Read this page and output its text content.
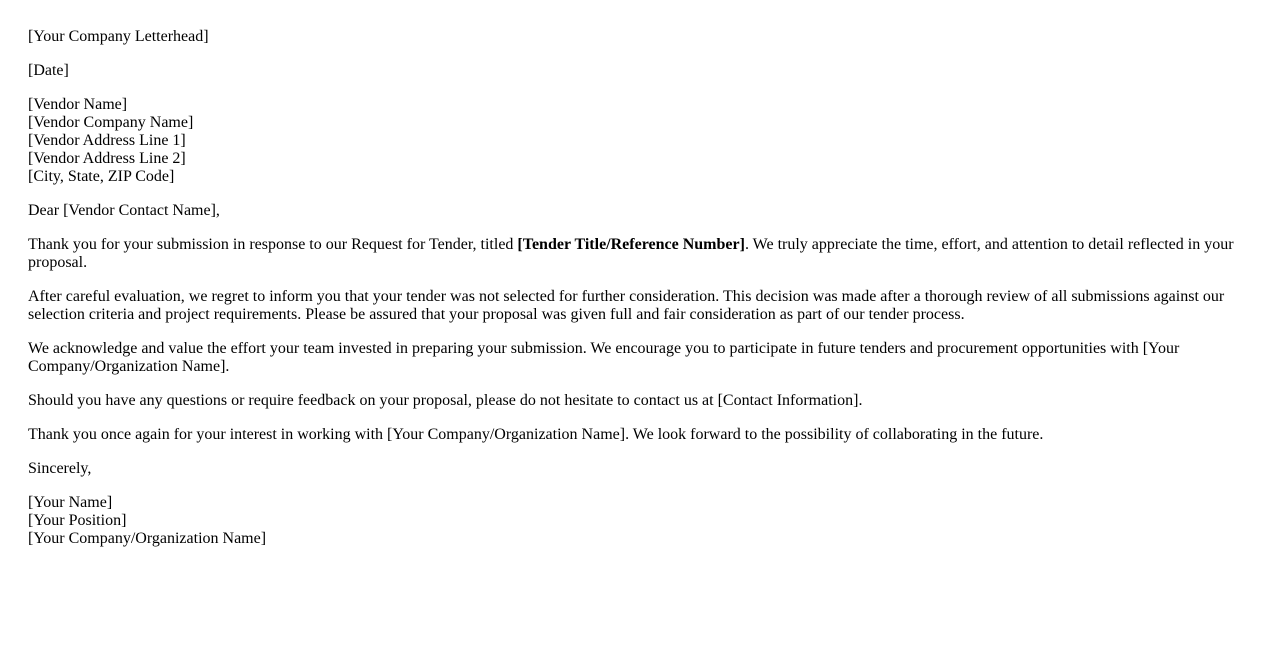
[Your Company Letterhead]

[Date]

[Vendor Name]
[Vendor Company Name]
[Vendor Address Line 1]
[Vendor Address Line 2]
[City, State, ZIP Code]

Dear [Vendor Contact Name],

Thank you for your submission in response to our Request for Tender, titled [Tender Title/Reference Number]. We truly appreciate the time, effort, and attention to detail reflected in your proposal.

After careful evaluation, we regret to inform you that your tender was not selected for further consideration. This decision was made after a thorough review of all submissions against our selection criteria and project requirements. Please be assured that your proposal was given full and fair consideration as part of our tender process.

We acknowledge and value the effort your team invested in preparing your submission. We encourage you to participate in future tenders and procurement opportunities with [Your Company/Organization Name].

Should you have any questions or require feedback on your proposal, please do not hesitate to contact us at [Contact Information].

Thank you once again for your interest in working with [Your Company/Organization Name]. We look forward to the possibility of collaborating in the future.

Sincerely,

[Your Name]
[Your Position]
[Your Company/Organization Name]
